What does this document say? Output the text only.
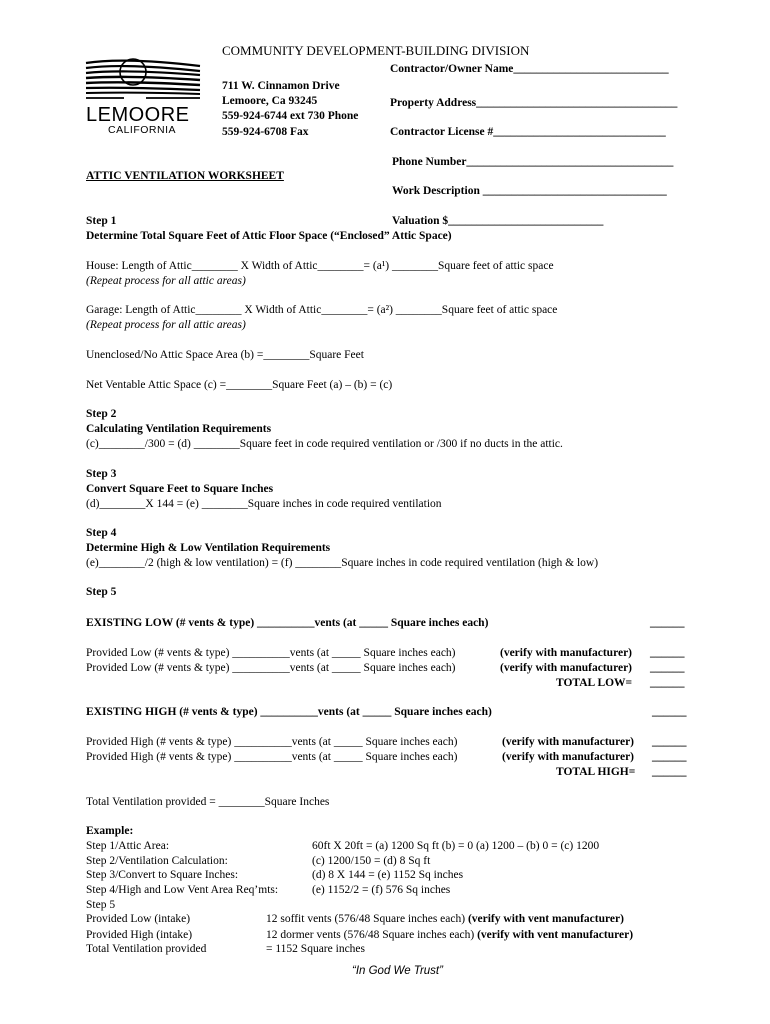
COMMUNITY DEVELOPMENT-BUILDING DIVISION
LEMOORE
CALIFORNIA
711 W. Cinnamon Drive
Lemoore, Ca 93245
559-924-6744 ext 730 Phone
559-924-6708 Fax
Contractor/Owner Name___________________________
Property Address___________________________________
Contractor License #______________________________
Phone Number____________________________________
Work Description ________________________________
Valuation $___________________________
ATTIC VENTILATION WORKSHEET
Step 1
Determine Total Square Feet of Attic Floor Space (“Enclosed” Attic Space)
House: Length of Attic________ X Width of Attic________= (a¹) ________Square feet of attic space
(Repeat process for all attic areas)
Garage: Length of Attic________ X Width of Attic________= (a²) ________Square feet of attic space
(Repeat process for all attic areas)
Unenclosed/No Attic Space Area (b) =________Square Feet
Net Ventable Attic Space (c) =________Square Feet (a) – (b) = (c)
Step 2
Calculating Ventilation Requirements
(c)________/300 = (d) ________Square feet in code required ventilation or /300 if no ducts in the attic.
Step 3
Convert Square Feet to Square Inches
(d)________X 144 = (e) ________Square inches in code required ventilation
Step 4
Determine High & Low Ventilation Requirements
(e)________/2 (high & low ventilation) = (f) ________Square inches in code required ventilation (high & low)
Step 5
EXISTING LOW (# vents & type) __________vents (at _____ Square inches each)	______
Provided Low (# vents & type) __________vents (at _____ Square inches each)	(verify with manufacturer) ______
Provided Low (# vents & type) __________vents (at _____ Square inches each)	(verify with manufacturer) ______
TOTAL LOW= ______
EXISTING HIGH (# vents & type) __________vents (at _____ Square inches each)	______
Provided High (# vents & type) __________vents (at _____ Square inches each)	(verify with manufacturer) ______
Provided High (# vents & type) __________vents (at _____ Square inches each)	(verify with manufacturer) ______
TOTAL HIGH= ______
Total Ventilation provided = ________Square Inches
Example:
Step 1/Attic Area:	60ft X 20ft = (a) 1200 Sq ft (b) = 0 (a) 1200 – (b) 0 = (c) 1200
Step 2/Ventilation Calculation:	(c) 1200/150 = (d) 8 Sq ft
Step 3/Convert to Square Inches:	(d) 8 X 144 = (e) 1152 Sq inches
Step 4/High and Low Vent Area Req’mts:	(e) 1152/2 = (f) 576 Sq inches
Step 5
Provided Low (intake)	12 soffit vents (576/48 Square inches each) (verify with vent manufacturer)
Provided High (intake)	12 dormer vents (576/48 Square inches each) (verify with vent manufacturer)
Total Ventilation provided	= 1152 Square inches
“In God We Trust”
